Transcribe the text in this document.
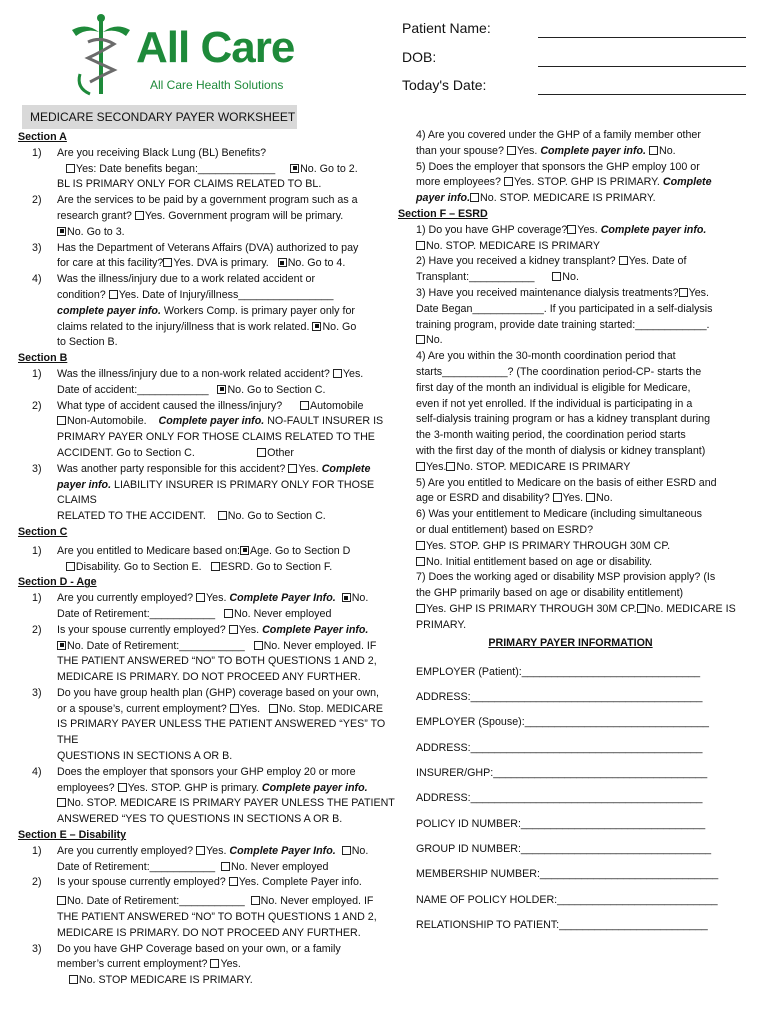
All Care
All Care Health Solutions
Patient Name:
DOB:
Today's Date:
MEDICARE SECONDARY PAYER WORKSHEET
Section A
1) Are you receiving Black Lung (BL) Benefits?
Yes: Date benefits began:_____________ No. Go to 2.
BL IS PRIMARY ONLY FOR CLAIMS RELATED TO BL.
2) Are the services to be paid by a government program such as a
research grant? Yes. Government program will be primary.
No. Go to 3.
3) Has the Department of Veterans Affairs (DVA) authorized to pay
for care at this facility? Yes. DVA is primary. No. Go to 4.
4) Was the illness/injury due to a work related accident or
condition? Yes. Date of Injury/illness________________
complete payer info. Workers Comp. is primary payer only for
claims related to the injury/illness that is work related. No. Go
to Section B.
Section B
1) Was the illness/injury due to a non-work related accident? Yes.
Date of accident:____________ No. Go to Section C.
2) What type of accident caused the illness/injury?	Automobile
Non-Automobile. Complete payer info. NO-FAULT INSURER IS
PRIMARY PAYER ONLY FOR THOSE CLAIMS RELATED TO THE
ACCIDENT. Go to Section C.	Other
3) Was another party responsible for this accident? Yes. Complete
payer info. LIABILITY INSURER IS PRIMARY ONLY FOR THOSE CLAIMS
RELATED TO THE ACCIDENT. No. Go to Section C.
Section C
1) Are you entitled to Medicare based on: Age. Go to Section D
Disability. Go to Section E. ESRD. Go to Section F.
Section D - Age
1) Are you currently employed? Yes. Complete Payer Info. No.
Date of Retirement:___________ No. Never employed
2) Is your spouse currently employed? Yes. Complete Payer info.
No. Date of Retirement:___________ No. Never employed. IF
THE PATIENT ANSWERED “NO” TO BOTH QUESTIONS 1 AND 2,
MEDICARE IS PRIMARY. DO NOT PROCEED ANY FURTHER.
3) Do you have group health plan (GHP) coverage based on your own,
or a spouse’s, current employment? Yes. No. Stop. MEDICARE
IS PRIMARY PAYER UNLESS THE PATIENT ANSWERED “YES” TO THE
QUESTIONS IN SECTIONS A OR B.
4) Does the employer that sponsors your GHP employ 20 or more
employees? Yes. STOP. GHP is primary. Complete payer info.
No. STOP. MEDICARE IS PRIMARY PAYER UNLESS THE PATIENT
ANSWERED “YES TO QUESTIONS IN SECTIONS A OR B.
Section E – Disability
1) Are you currently employed? Yes. Complete Payer Info. No.
Date of Retirement:___________ No. Never employed
2) Is your spouse currently employed? Yes. Complete Payer info.
No. Date of Retirement:___________ No. Never employed. IF
THE PATIENT ANSWERED “NO” TO BOTH QUESTIONS 1 AND 2,
MEDICARE IS PRIMARY. DO NOT PROCEED ANY FURTHER.
3) Do you have GHP Coverage based on your own, or a family
member’s current employment? Yes.
No. STOP MEDICARE IS PRIMARY.
4) Are you covered under the GHP of a family member other
than your spouse? Yes. Complete payer info. No.
5) Does the employer that sponsors the GHP employ 100 or
more employees? Yes. STOP. GHP IS PRIMARY. Complete
payer info. No. STOP. MEDICARE IS PRIMARY.
Section F – ESRD
1) Do you have GHP coverage? Yes. Complete payer info.
No. STOP. MEDICARE IS PRIMARY
2) Have you received a kidney transplant? Yes. Date of
Transplant:___________	No.
3) Have you received maintenance dialysis treatments? Yes.
Date Began____________. If you participated in a self-dialysis
training program, provide date training started:____________.
No.
4) Are you within the 30-month coordination period that
starts___________? (The coordination period-CP- starts the
first day of the month an individual is eligible for Medicare,
even if not yet enrolled. If the individual is participating in a
self-dialysis training program or has a kidney transplant during
the 3-month waiting period, the coordination period starts
with the first day of the month of dialysis or kidney transplant)
Yes. No. STOP. MEDICARE IS PRIMARY
5) Are you entitled to Medicare on the basis of either ESRD and
age or ESRD and disability? Yes. No.
6) Was your entitlement to Medicare (including simultaneous
or dual entitlement) based on ESRD?
Yes. STOP. GHP IS PRIMARY THROUGH 30M CP.
No. Initial entitlement based on age or disability.
7) Does the working aged or disability MSP provision apply? (Is
the GHP primarily based on age or disability entitlement)
Yes. GHP IS PRIMARY THROUGH 30M CP. No. MEDICARE IS
PRIMARY.
PRIMARY PAYER INFORMATION
EMPLOYER (Patient):______________________________
ADDRESS:_______________________________________
EMPLOYER (Spouse):_______________________________
ADDRESS:_______________________________________
INSURER/GHP:____________________________________
ADDRESS:_______________________________________
POLICY ID NUMBER:_______________________________
GROUP ID NUMBER:________________________________
MEMBERSHIP NUMBER:______________________________
NAME OF POLICY HOLDER:___________________________
RELATIONSHIP TO PATIENT:_________________________
